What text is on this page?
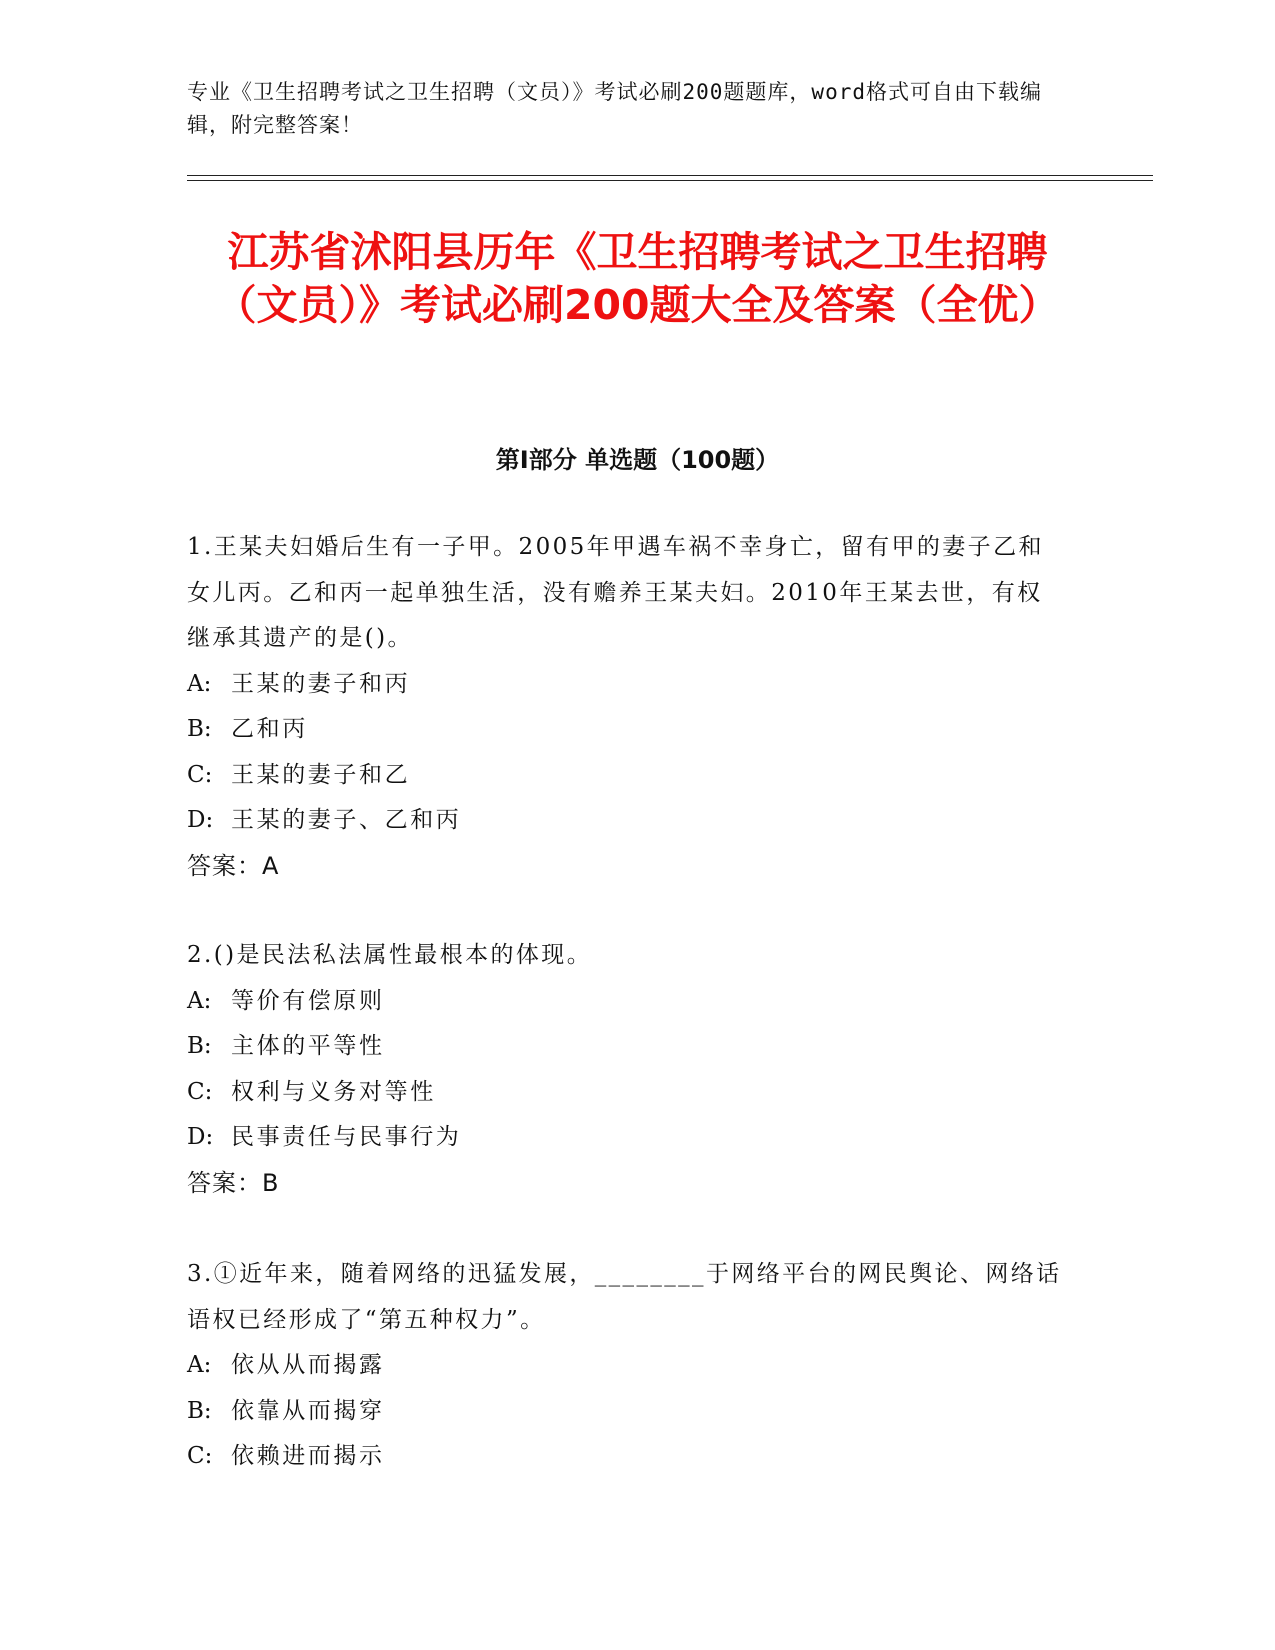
专业《卫生招聘考试之卫生招聘（文员）》考试必刷200题题库，word格式可自由下载编辑，附完整答案！
江苏省沭阳县历年《卫生招聘考试之卫生招聘（文员）》考试必刷200题大全及答案（全优）
第I部分 单选题（100题）
1.王某夫妇婚后生有一子甲。2005年甲遇车祸不幸身亡，留有甲的妻子乙和女儿丙。乙和丙一起单独生活，没有赡养王某夫妇。2010年王某去世，有权继承其遗产的是()。
A: 王某的妻子和丙
B: 乙和丙
C: 王某的妻子和乙
D: 王某的妻子、乙和丙
答案：A
2.()是民法私法属性最根本的体现。
A: 等价有偿原则
B: 主体的平等性
C: 权利与义务对等性
D: 民事责任与民事行为
答案：B
3.①近年来，随着网络的迅猛发展，________于网络平台的网民舆论、网络话语权已经形成了“第五种权力”。
A: 依从从而揭露
B: 依靠从而揭穿
C: 依赖进而揭示
